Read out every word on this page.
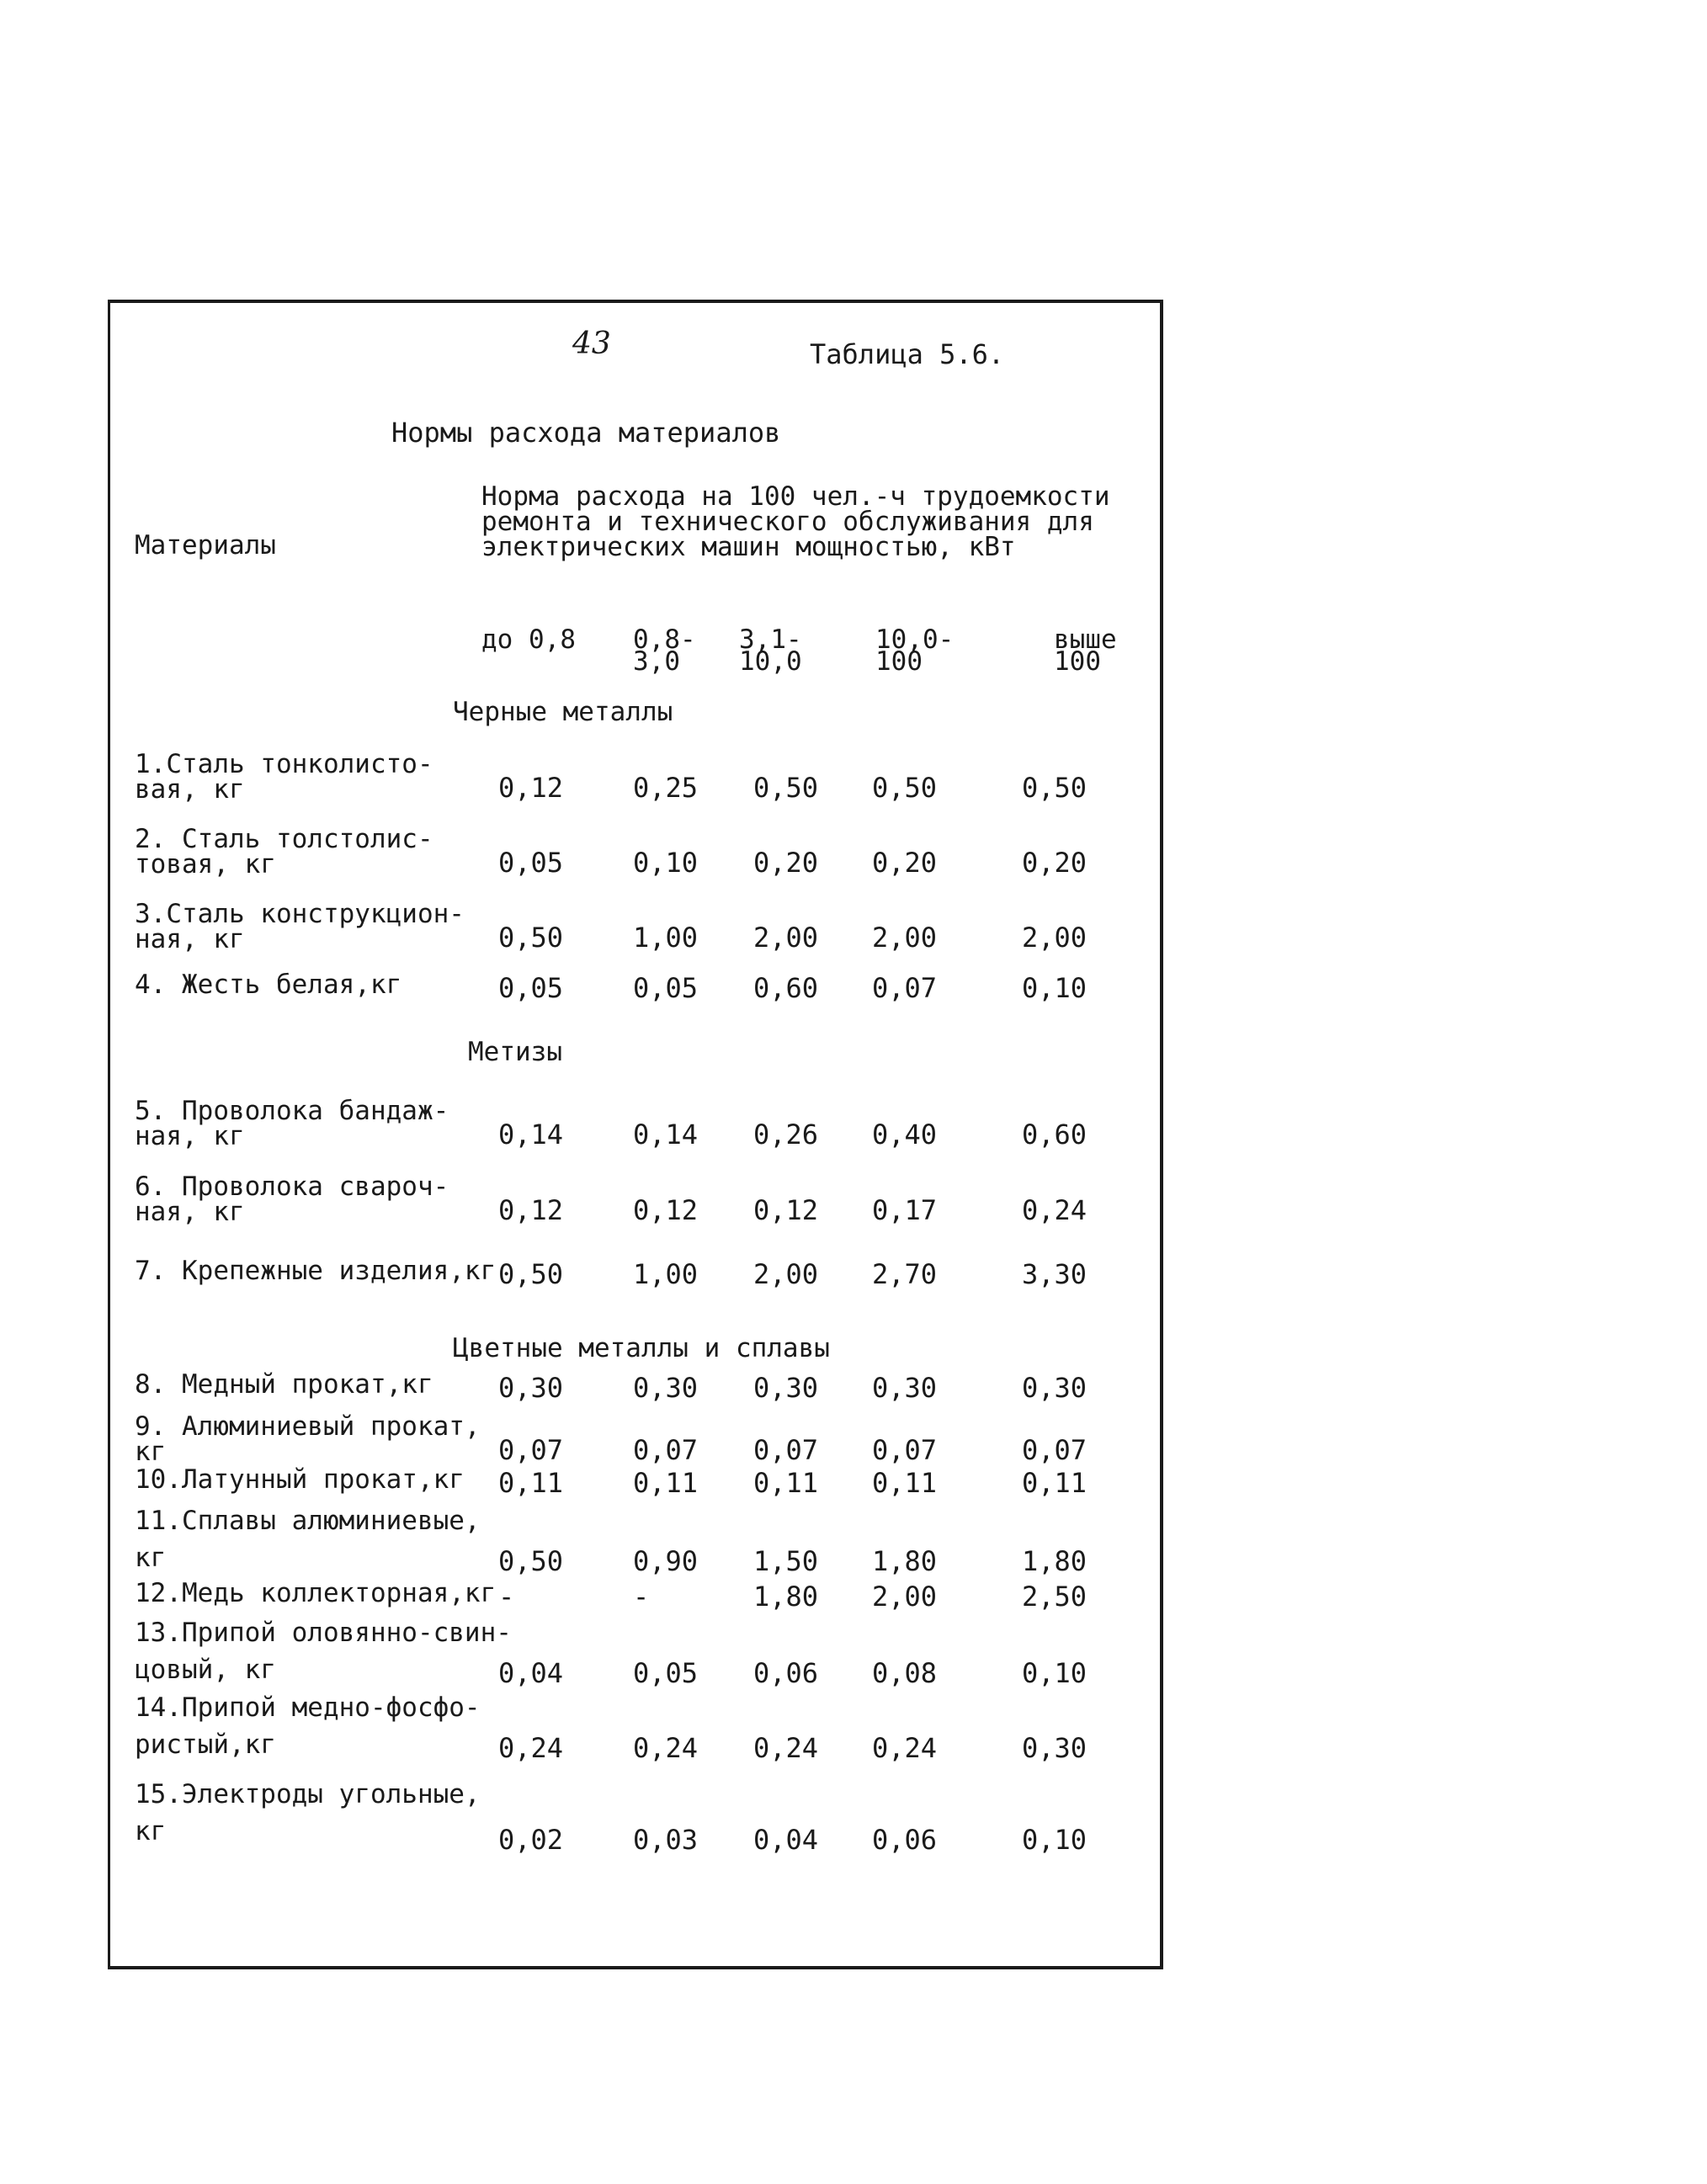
43	Таблица 5.6.
Нормы расхода материалов
Материалы
Норма расхода на 100 чел.-ч трудоемкости
ремонта и технического обслуживания для
электрических машин мощностью, кВт

до 0,8

0,8-
3,0

3,1-
10,0

10,0-
100

выше
100

Черные металлы
Метизы
Цветные металлы и сплавы
1.Сталь тонколисто-
вая, кг	0,12	0,25 0,50 0,50	0,50
2. Сталь толстолис-
товая, кг	0,05	0,10 0,20 0,20	0,20
3.Сталь конструкцион-
ная, кг	0,50	1,00 2,00 2,00	2,00
4. Жесть белая,кг	0,05	0,05 0,60 0,07	0,10
5. Проволока бандаж-
ная, кг	0,14	0,14 0,26 0,40	0,60
6. Проволока свароч-
ная, кг	0,12	0,12 0,12 0,17	0,24
7. Крепежные изделия,кг 0,50	1,00 2,00 2,70	3,30
8. Медный прокат,кг 0,30	0,30 0,30 0,30	0,30
9. Алюминиевый прокат,
кг	0,07	0,07 0,07 0,07	0,07
10.Латунный прокат,кг 0,11	0,11 0,11 0,11	0,11
11.Сплавы алюминиевые,
кг	0,50	0,90 1,50 1,80	1,80
12.Медь коллекторная,кг -	-	1,80 2,00	2,50
13.Припой оловянно-свин-
цовый, кг	0,04	0,05 0,06 0,08	0,10
14.Припой медно-фосфо-
ристый,кг	0,24	0,24 0,24 0,24	0,30
15.Электроды угольные,
кг	0,02	0,03 0,04 0,06	0,10
